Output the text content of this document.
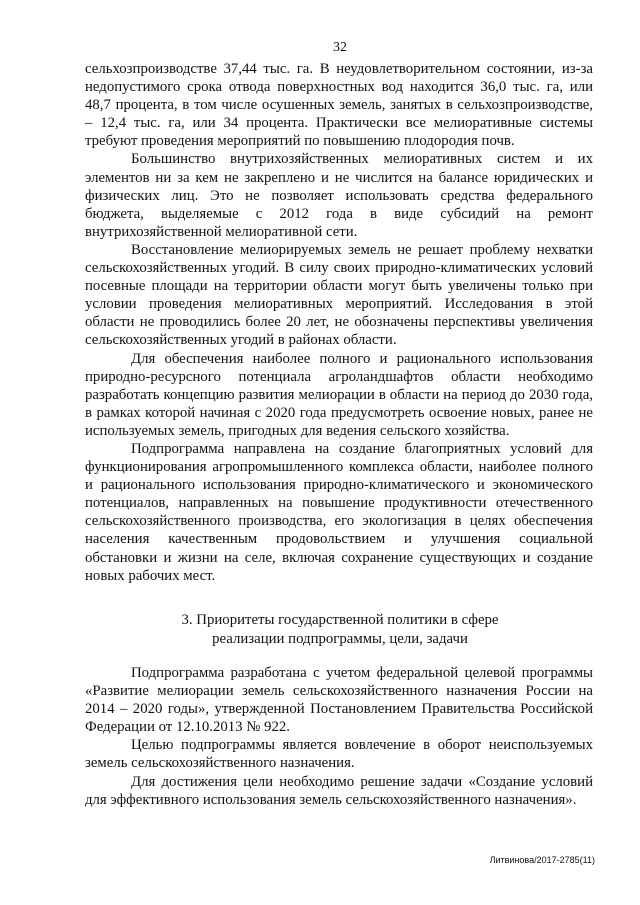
32

сельхозпроизводстве 37,44 тыс. га. В неудовлетворительном состоянии, из-за недопустимого срока отвода поверхностных вод находится 36,0 тыс. га, или 48,7 процента, в том числе осушенных земель, занятых в сельхозпроизводстве, – 12,4 тыс. га, или 34 процента. Практически все мелиоративные системы требуют проведения мероприятий по повышению плодородия почв.

Большинство внутрихозяйственных мелиоративных систем и их элементов ни за кем не закреплено и не числится на балансе юридических и физических лиц. Это не позволяет использовать средства федерального бюджета, выделяемые с 2012 года в виде субсидий на ремонт внутрихозяйственной мелиоративной сети.

Восстановление мелиорируемых земель не решает проблему нехватки сельскохозяйственных угодий. В силу своих природно-климатических условий посевные площади на территории области могут быть увеличены только при условии проведения мелиоративных мероприятий. Исследования в этой области не проводились более 20 лет, не обозначены перспективы увеличения сельскохозяйственных угодий в районах области.

Для обеспечения наиболее полного и рационального использования природно-ресурсного потенциала агроландшафтов области необходимо разработать концепцию развития мелиорации в области на период до 2030 года, в рамках которой начиная с 2020 года предусмотреть освоение новых, ранее не используемых земель, пригодных для ведения сельского хозяйства.

Подпрограмма направлена на создание благоприятных условий для функционирования агропромышленного комплекса области, наиболее полного и рационального использования природно-климатического и экономического потенциалов, направленных на повышение продуктивности отечественного сельскохозяйственного производства, его экологизация в целях обеспечения населения качественным продовольствием и улучшения социальной обстановки и жизни на селе, включая сохранение существующих и создание новых рабочих мест.

3. Приоритеты государственной политики в сфере
реализации подпрограммы, цели, задачи

Подпрограмма разработана с учетом федеральной целевой программы «Развитие мелиорации земель сельскохозяйственного назначения России на 2014 – 2020 годы», утвержденной Постановлением Правительства Российской Федерации от 12.10.2013 № 922.

Целью подпрограммы является вовлечение в оборот неиспользуемых земель сельскохозяйственного назначения.

Для достижения цели необходимо решение задачи «Создание условий для эффективного использования земель сельскохозяйственного назначения».

Литвинова/2017-2785(11)
